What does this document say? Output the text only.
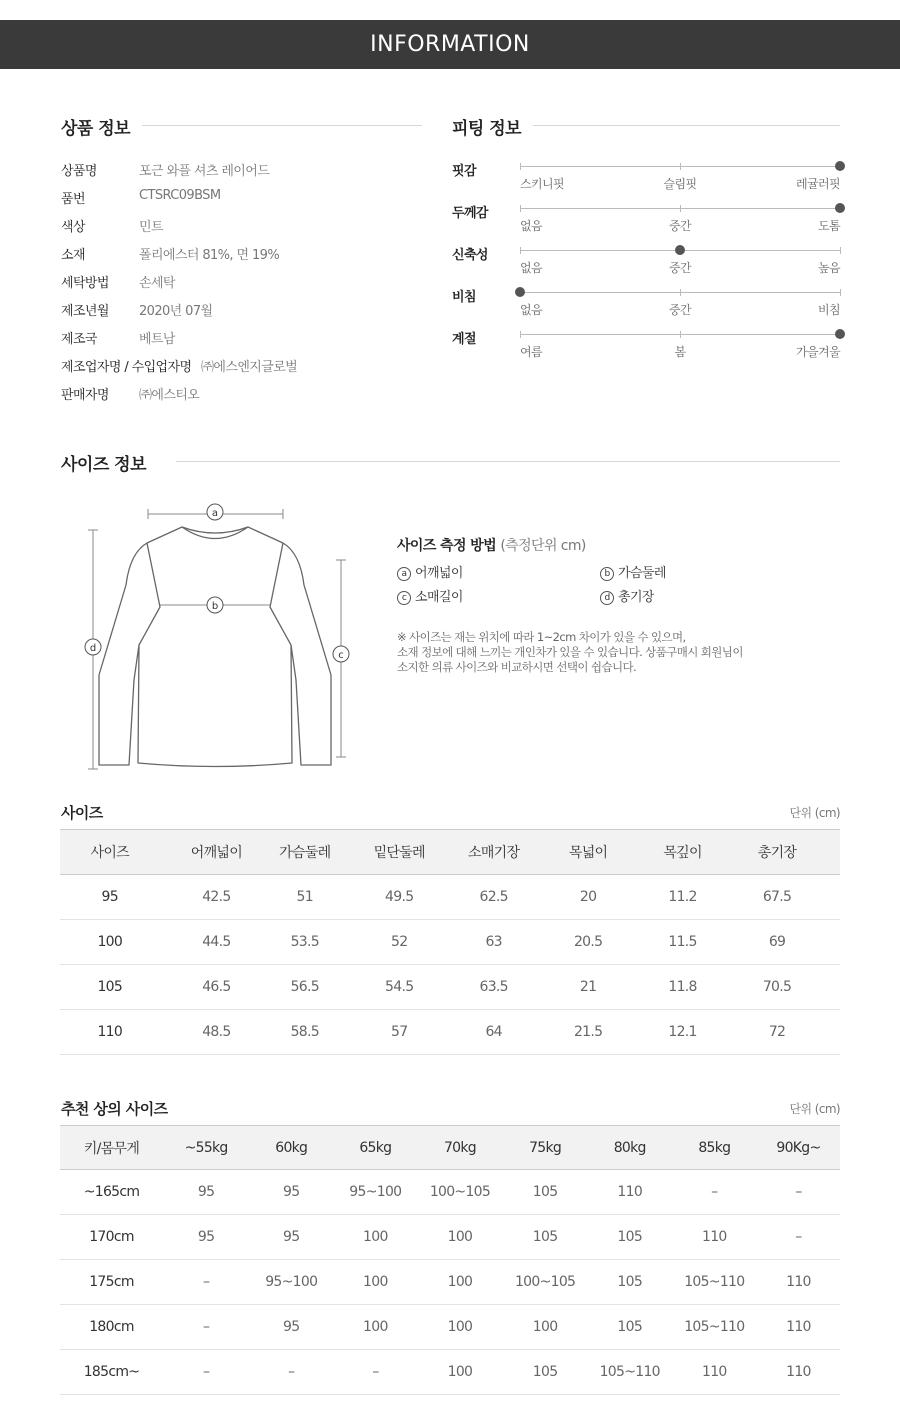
INFORMATION
상품 정보
상품명	포근 와플 셔츠 레이어드
품번	CTSRC09BSM
색상	민트
소재	폴리에스터 81%, 면 19%
세탁방법 손세탁
제조년월 2020년 07월
제조국	베트남
제조업자명 / 수입업자명 ㈜에스엔지글로벌
판매자명 ㈜에스티오
피팅 정보
핏감
스키니핏	슬림핏	레귤러핏
두께감
없음	중간	도톰
신축성
없음	중간	높음
비침
없음	중간	비침
계절
여름	봄	가을겨울
사이즈 정보
a
b
c
d
사이즈 측정 방법 (측정단위 cm)
a 어깨넓이	b 가슴둘레
c 소매길이	d 총기장
※ 사이즈는 재는 위치에 따라 1~2cm 차이가 있을 수 있으며,
소재 정보에 대해 느끼는 개인차가 있을 수 있습니다. 상품구매시 회원님이
소지한 의류 사이즈와 비교하시면 선택이 쉽습니다.
사이즈	단위 (cm)
사이즈	어깨넓이	가슴둘레	밑단둘레	소매기장	목넓이	목깊이	총기장
95	42.5	51	49.5	62.5	20	11.2	67.5
100	44.5	53.5	52	63	20.5	11.5	69
105	46.5	56.5	54.5	63.5	21	11.8	70.5
110	48.5	58.5	57	64	21.5	12.1	72
추천 상의 사이즈	단위 (cm)
키/몸무게	~55kg	60kg	65kg	70kg	75kg	80kg	85kg	90Kg~
~165cm	95	95	95~100	100~105	105	110	–	–
170cm	95	95	100	100	105	105	110	–
175cm	–	95~100	100	100	100~105	105	105~110	110
180cm	–	95	100	100	100	105	105~110	110
185cm~	–	–	–	100	105	105~110	110	110
